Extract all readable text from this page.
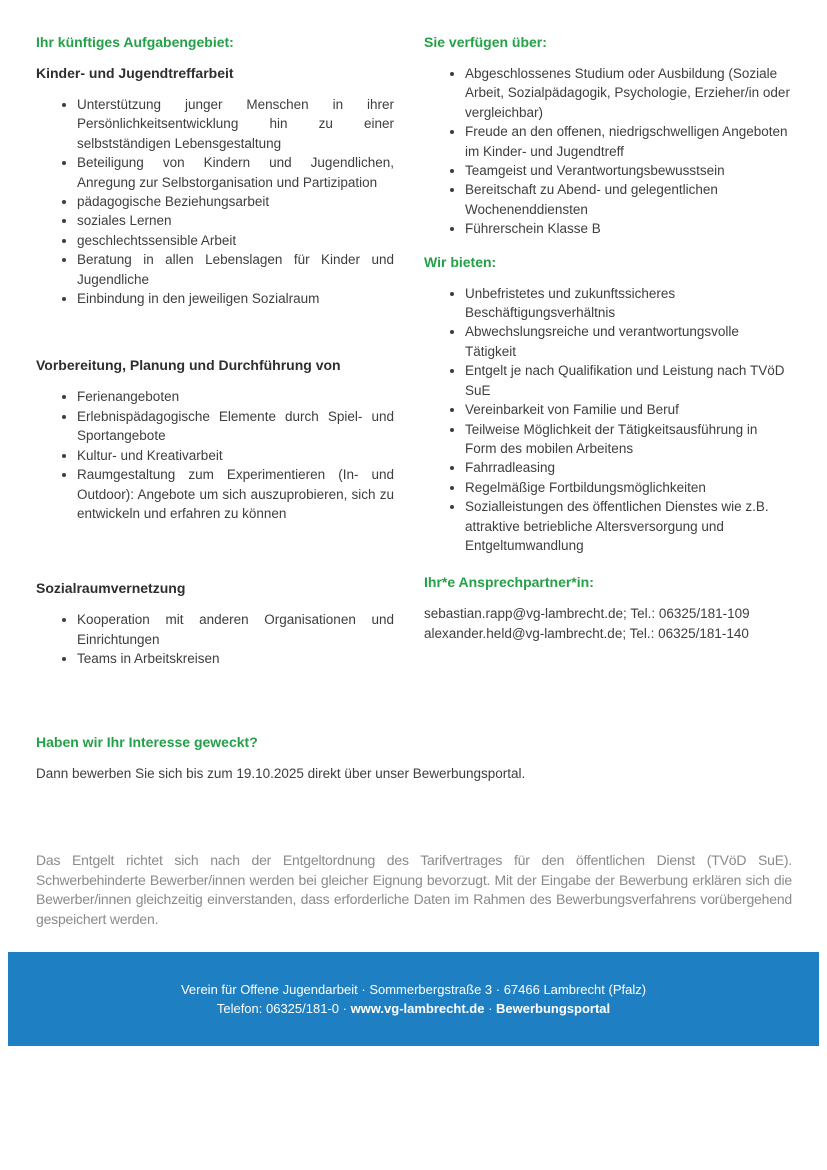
Ihr künftiges Aufgabengebiet:

Kinder- und Jugendtreffarbeit

• Unterstützung junger Menschen in ihrer Persönlichkeitsentwicklung hin zu einer selbstständigen Lebensgestaltung
• Beteiligung von Kindern und Jugendlichen, Anregung zur Selbstorganisation und Partizipation
• pädagogische Beziehungsarbeit
• soziales Lernen
• geschlechtssensible Arbeit
• Beratung in allen Lebenslagen für Kinder und Jugendliche
• Einbindung in den jeweiligen Sozialraum

Vorbereitung, Planung und Durchführung von

• Ferienangeboten
• Erlebnispädagogische Elemente durch Spiel- und Sportangebote
• Kultur- und Kreativarbeit
• Raumgestaltung zum Experimentieren (In- und Outdoor): Angebote um sich auszuprobieren, sich zu entwickeln und erfahren zu können

Sozialraumvernetzung

• Kooperation mit anderen Organisationen und Einrichtungen
• Teams in Arbeitskreisen

Sie verfügen über:

• Abgeschlossenes Studium oder Ausbildung (Soziale Arbeit, Sozialpädagogik, Psychologie, Erzieher/in oder vergleichbar)
• Freude an den offenen, niedrigschwelligen Angeboten im Kinder- und Jugendtreff
• Teamgeist und Verantwortungsbewusstsein
• Bereitschaft zu Abend- und gelegentlichen Wochenenddiensten
• Führerschein Klasse B

Wir bieten:

• Unbefristetes und zukunftssicheres Beschäftigungsverhältnis
• Abwechslungsreiche und verantwortungsvolle Tätigkeit
• Entgelt je nach Qualifikation und Leistung nach TVöD SuE
• Vereinbarkeit von Familie und Beruf
• Teilweise Möglichkeit der Tätigkeitsausführung in Form des mobilen Arbeitens
• Fahrradleasing
• Regelmäßige Fortbildungsmöglichkeiten
• Sozialleistungen des öffentlichen Dienstes wie z.B. attraktive betriebliche Altersversorgung und Entgeltumwandlung

Ihr*e Ansprechpartner*in:

sebastian.rapp@vg-lambrecht.de; Tel.: 06325/181-109

alexander.held@vg-lambrecht.de; Tel.: 06325/181-140

Haben wir Ihr Interesse geweckt?

Dann bewerben Sie sich bis zum 19.10.2025 direkt über unser Bewerbungsportal.

Das Entgelt richtet sich nach der Entgeltordnung des Tarifvertrages für den öffentlichen Dienst (TVöD SuE). Schwerbehinderte Bewerber/innen werden bei gleicher Eignung bevorzugt. Mit der Eingabe der Bewerbung erklären sich die Bewerber/innen gleichzeitig einverstanden, dass erforderliche Daten im Rahmen des Bewerbungsverfahrens vorübergehend gespeichert werden.

Verein für Offene Jugendarbeit · Sommerbergstraße 3 · 67466 Lambrecht (Pfalz)
Telefon: 06325/181-0 · www.vg-lambrecht.de · Bewerbungsportal
